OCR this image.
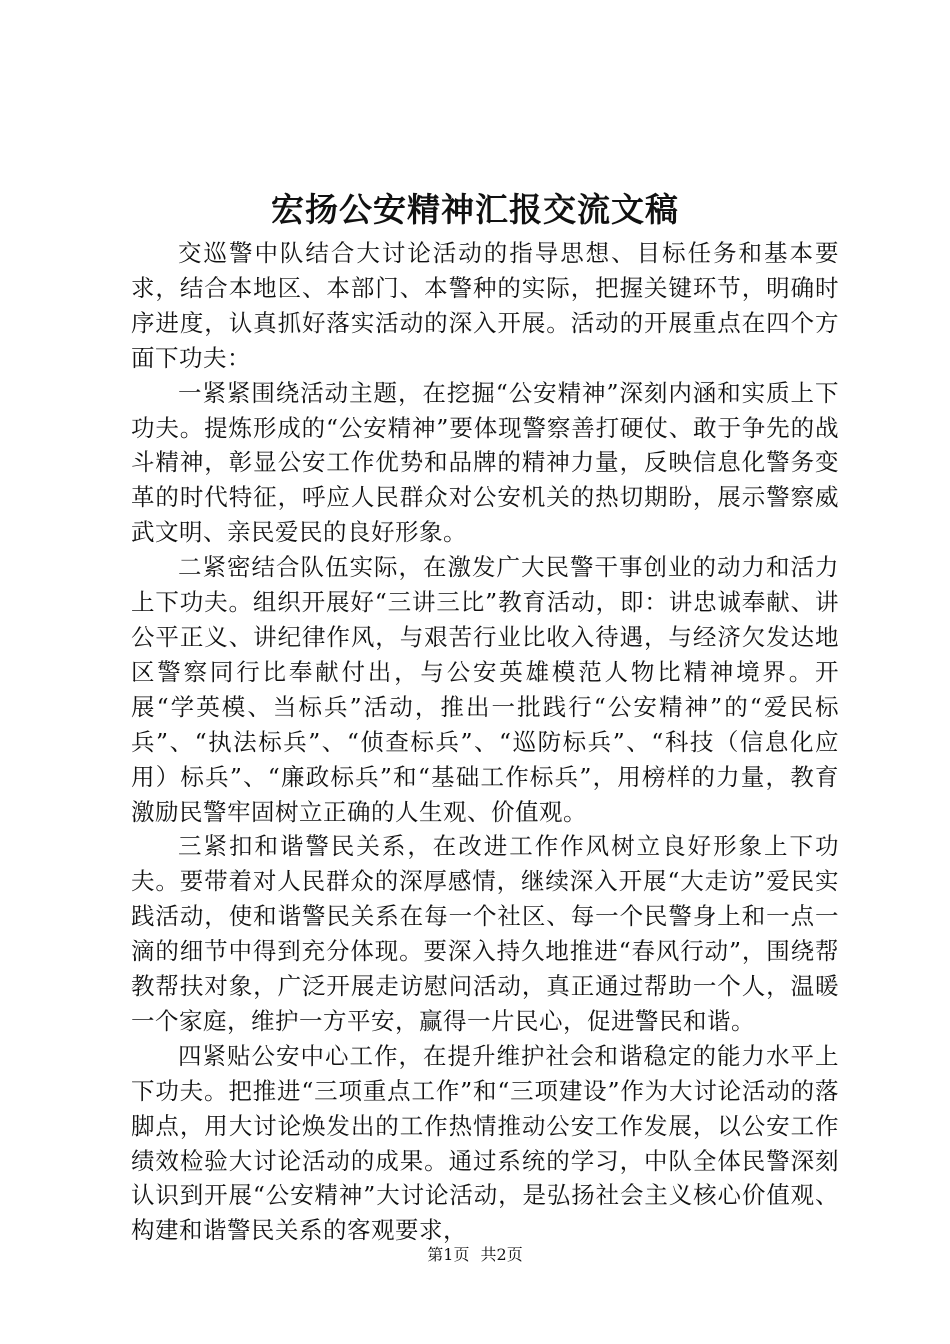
宏扬公安精神汇报交流文稿

交巡警中队结合大讨论活动的指导思想、目标任务和基本要求，结合本地区、本部门、本警种的实际，把握关键环节，明确时序进度，认真抓好落实活动的深入开展。活动的开展重点在四个方面下功夫：

一紧紧围绕活动主题，在挖掘“公安精神”深刻内涵和实质上下功夫。提炼形成的“公安精神”要体现警察善打硬仗、敢于争先的战斗精神，彰显公安工作优势和品牌的精神力量，反映信息化警务变革的时代特征，呼应人民群众对公安机关的热切期盼，展示警察威武文明、亲民爱民的良好形象。

二紧密结合队伍实际，在激发广大民警干事创业的动力和活力上下功夫。组织开展好“三讲三比”教育活动，即：讲忠诚奉献、讲公平正义、讲纪律作风，与艰苦行业比收入待遇，与经济欠发达地区警察同行比奉献付出，与公安英雄模范人物比精神境界。开展“学英模、当标兵”活动，推出一批践行“公安精神”的“爱民标兵”、“执法标兵”、“侦查标兵”、“巡防标兵”、“科技（信息化应用）标兵”、“廉政标兵”和“基础工作标兵”，用榜样的力量，教育激励民警牢固树立正确的人生观、价值观。

三紧扣和谐警民关系，在改进工作作风树立良好形象上下功夫。要带着对人民群众的深厚感情，继续深入开展“大走访”爱民实践活动，使和谐警民关系在每一个社区、每一个民警身上和一点一滴的细节中得到充分体现。要深入持久地推进“春风行动”，围绕帮教帮扶对象，广泛开展走访慰问活动，真正通过帮助一个人，温暖一个家庭，维护一方平安，赢得一片民心，促进警民和谐。

四紧贴公安中心工作，在提升维护社会和谐稳定的能力水平上下功夫。把推进“三项重点工作”和“三项建设”作为大讨论活动的落脚点，用大讨论焕发出的工作热情推动公安工作发展，以公安工作绩效检验大讨论活动的成果。通过系统的学习，中队全体民警深刻认识到开展“公安精神”大讨论活动，是弘扬社会主义核心价值观、构建和谐警民关系的客观要求，

第1页 共2页
